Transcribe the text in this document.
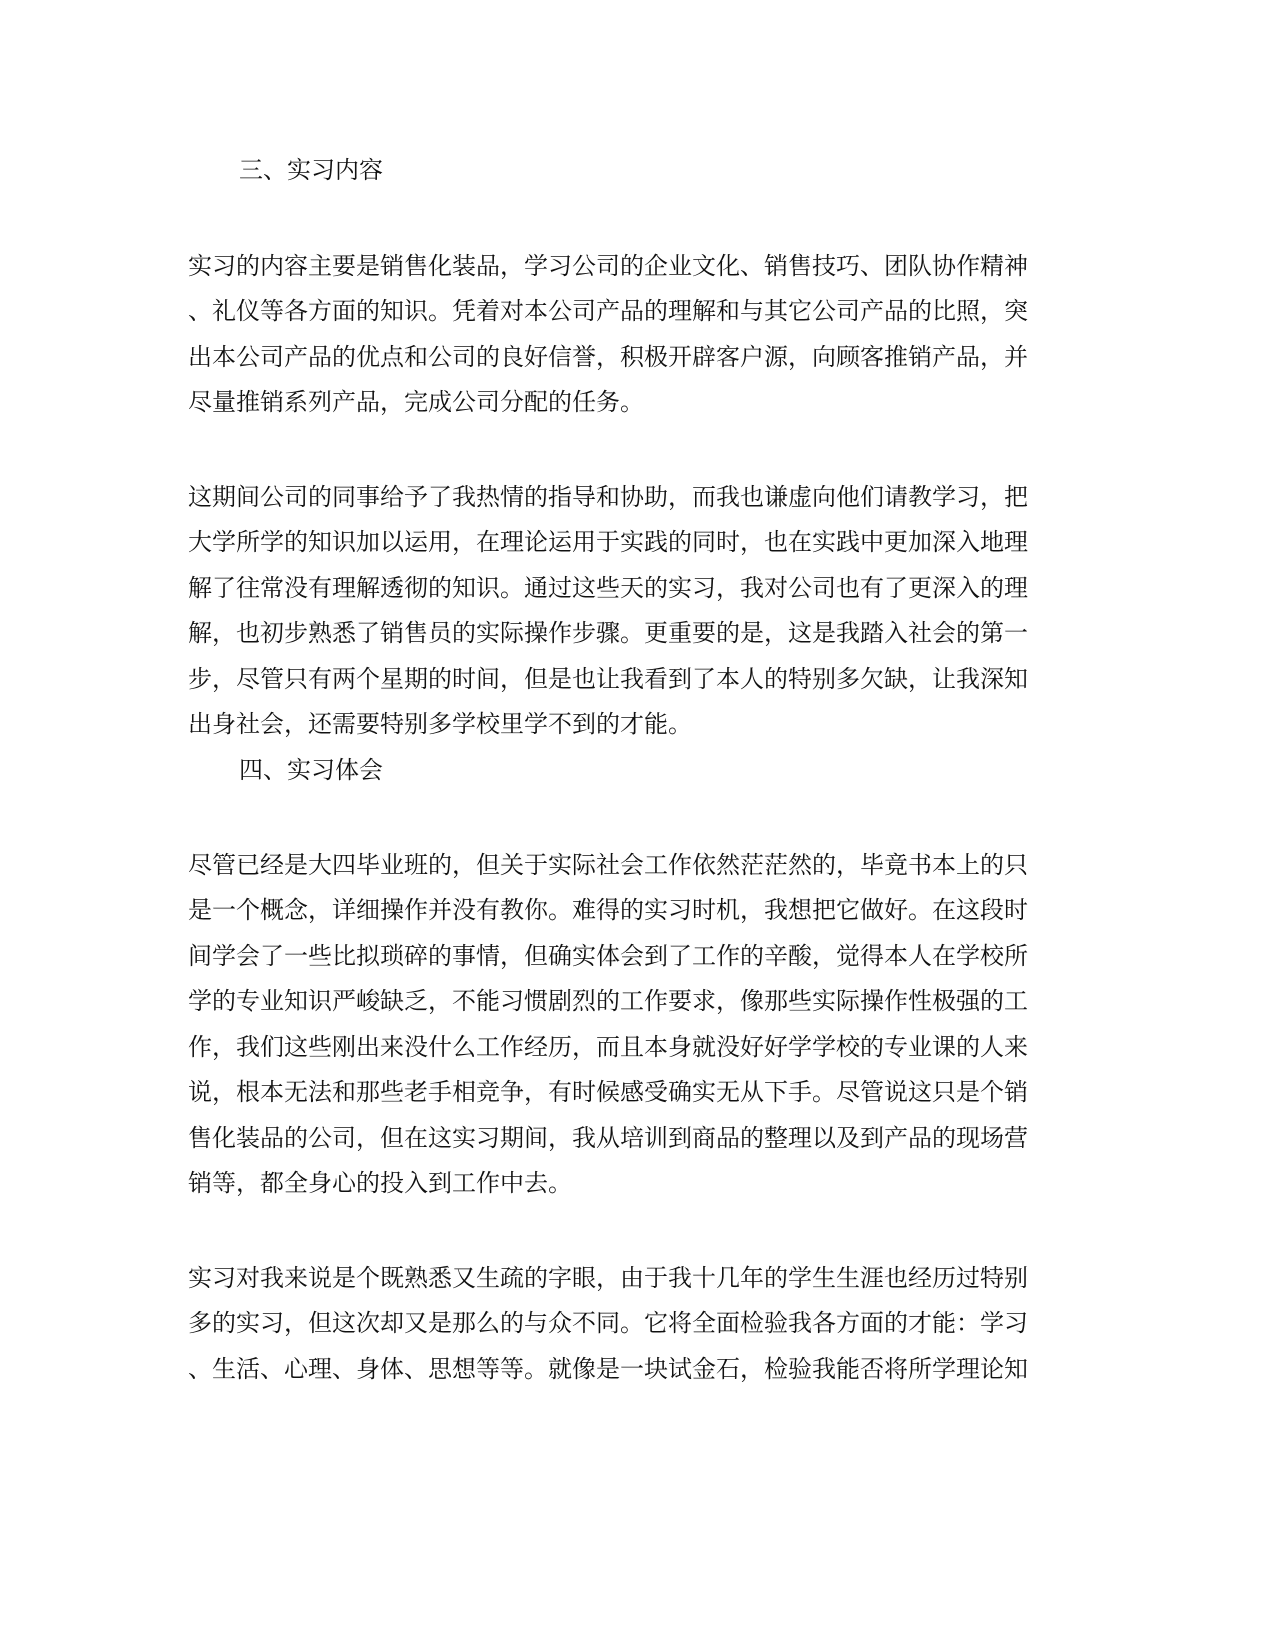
三、实习内容
实习的内容主要是销售化装品，学习公司的企业文化、销售技巧、团队协作精神
、礼仪等各方面的知识。凭着对本公司产品的理解和与其它公司产品的比照，突
出本公司产品的优点和公司的良好信誉，积极开辟客户源，向顾客推销产品，并
尽量推销系列产品，完成公司分配的任务。
这期间公司的同事给予了我热情的指导和协助，而我也谦虚向他们请教学习，把
大学所学的知识加以运用，在理论运用于实践的同时，也在实践中更加深入地理
解了往常没有理解透彻的知识。通过这些天的实习，我对公司也有了更深入的理
解，也初步熟悉了销售员的实际操作步骤。更重要的是，这是我踏入社会的第一
步，尽管只有两个星期的时间，但是也让我看到了本人的特别多欠缺，让我深知
出身社会，还需要特别多学校里学不到的才能。
四、实习体会
尽管已经是大四毕业班的，但关于实际社会工作依然茫茫然的，毕竟书本上的只
是一个概念，详细操作并没有教你。难得的实习时机，我想把它做好。在这段时
间学会了一些比拟琐碎的事情，但确实体会到了工作的辛酸，觉得本人在学校所
学的专业知识严峻缺乏，不能习惯剧烈的工作要求，像那些实际操作性极强的工
作，我们这些刚出来没什么工作经历，而且本身就没好好学学校的专业课的人来
说，根本无法和那些老手相竞争，有时候感受确实无从下手。尽管说这只是个销
售化装品的公司，但在这实习期间，我从培训到商品的整理以及到产品的现场营
销等，都全身心的投入到工作中去。
实习对我来说是个既熟悉又生疏的字眼，由于我十几年的学生生涯也经历过特别
多的实习，但这次却又是那么的与众不同。它将全面检验我各方面的才能：学习
、生活、心理、身体、思想等等。就像是一块试金石，检验我能否将所学理论知
